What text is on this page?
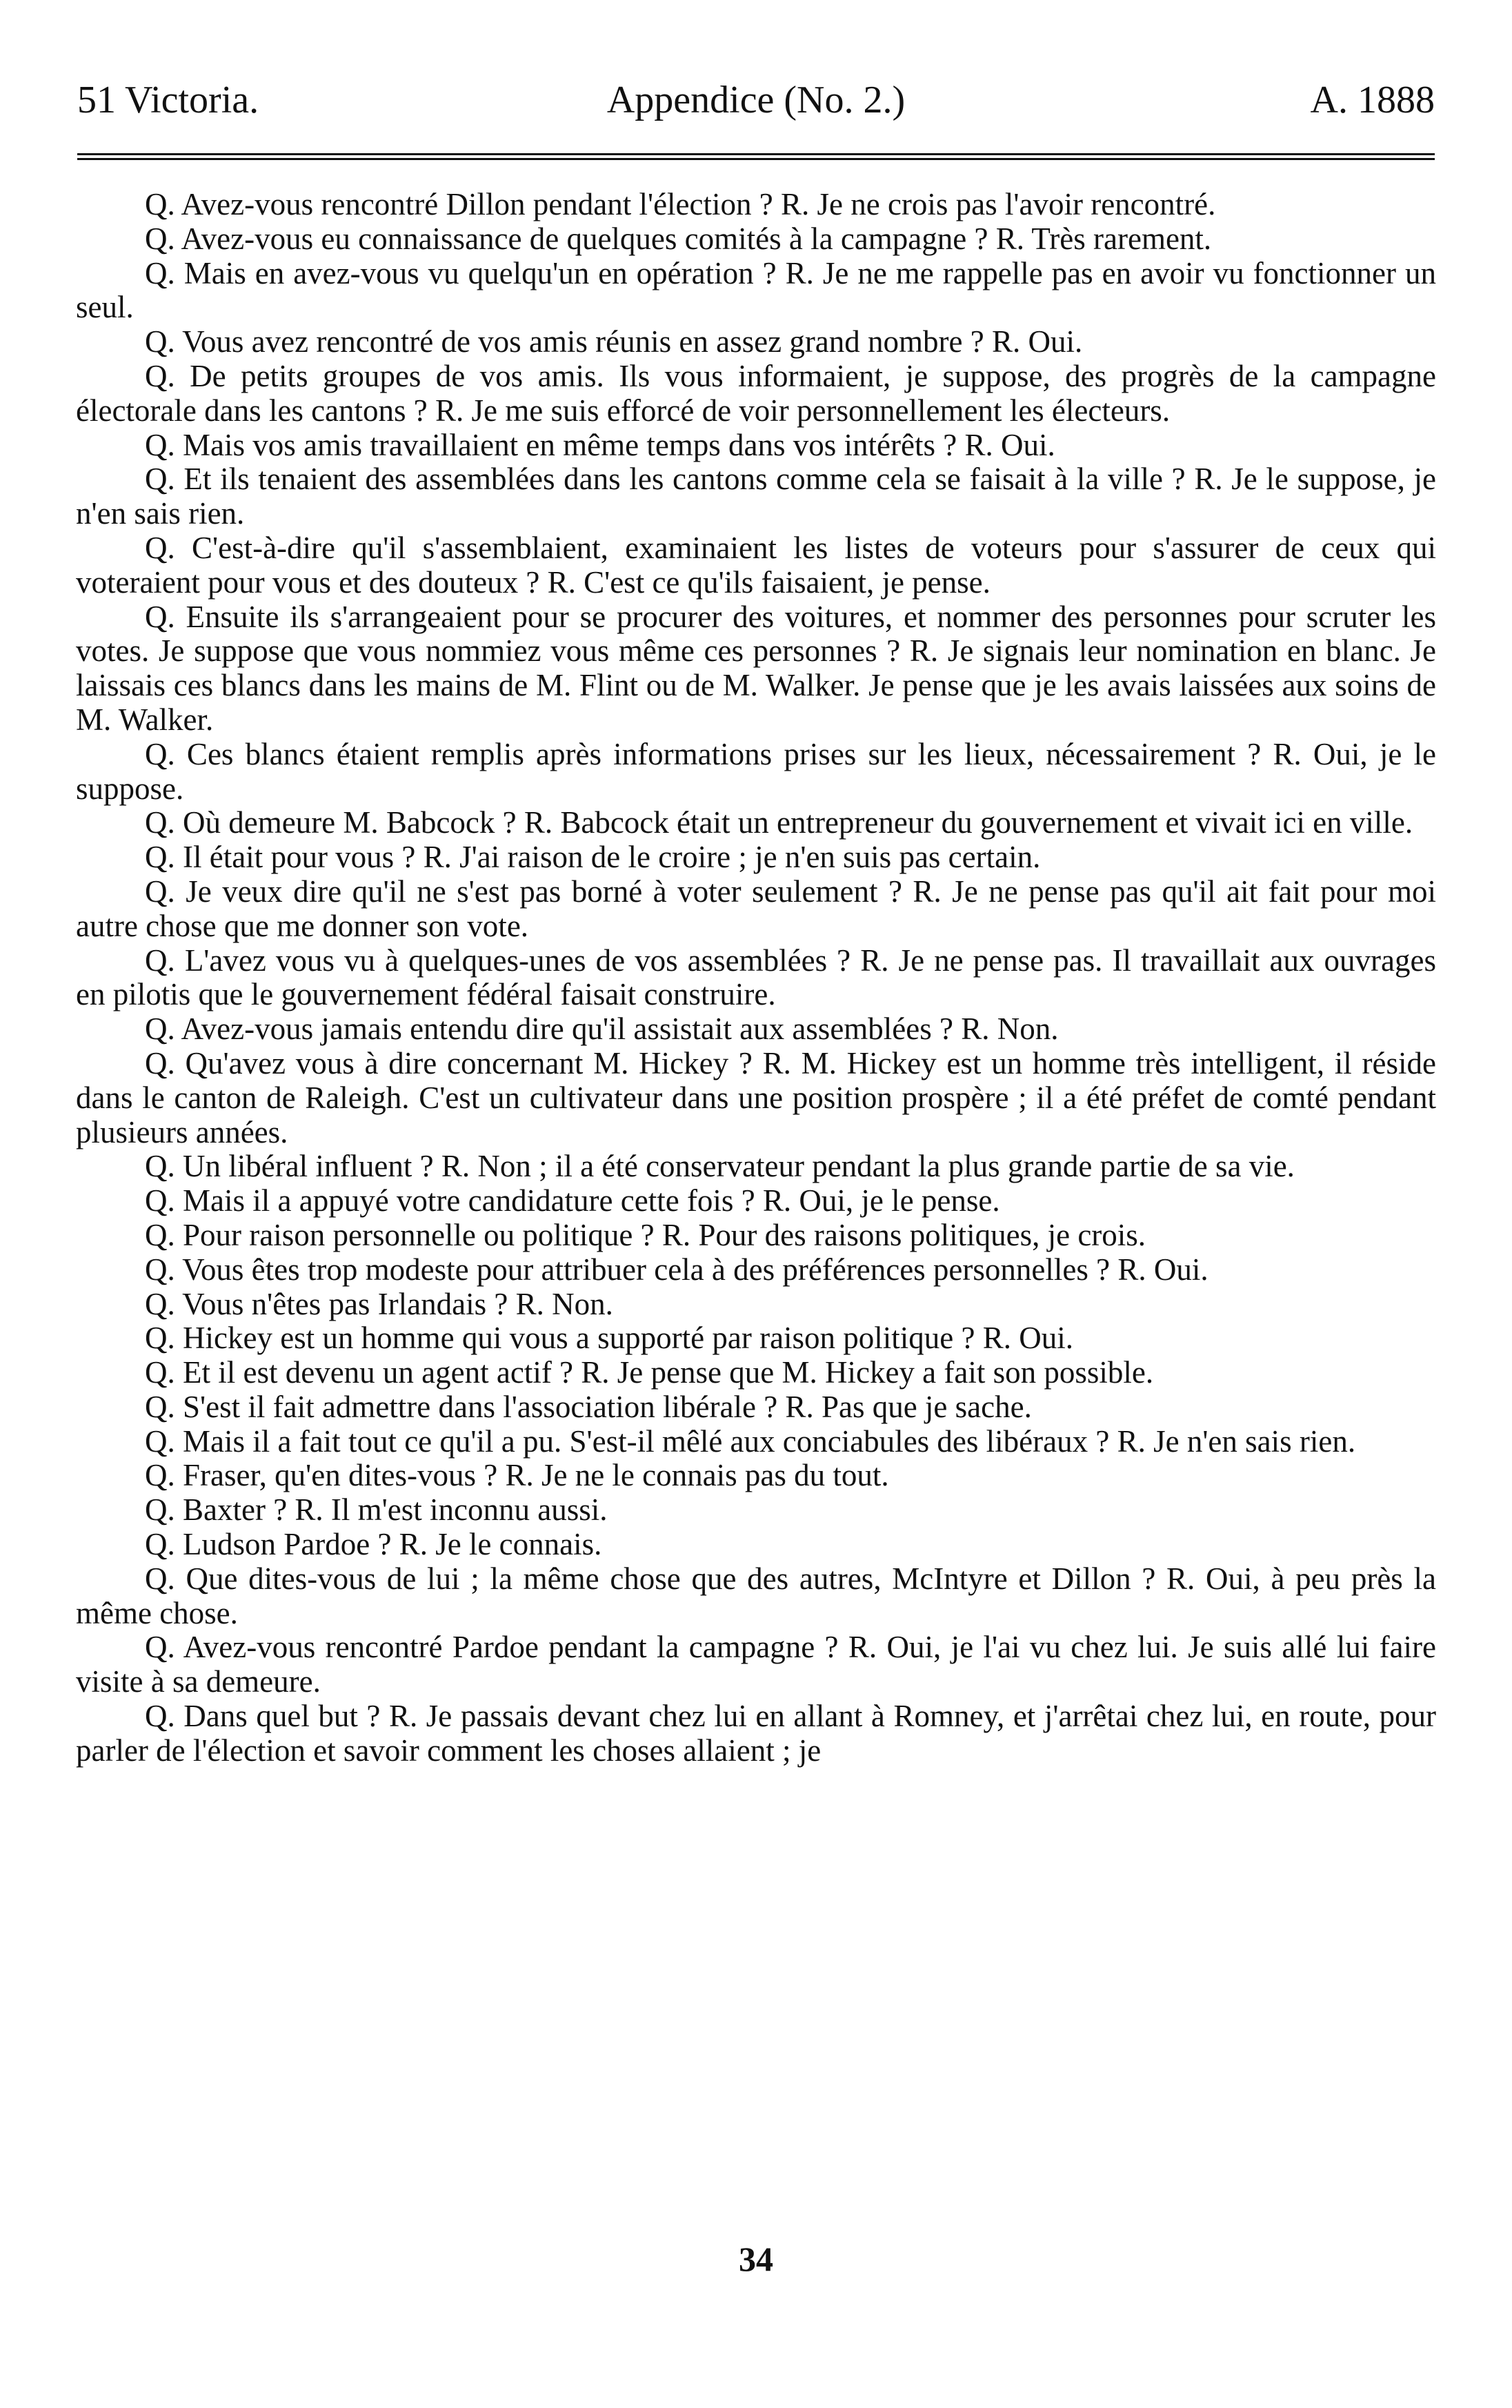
51 Victoria.	Appendice (No. 2.)	A. 1888

Q. Avez-vous rencontré Dillon pendant l'élection ? R. Je ne crois pas l'avoir rencontré.

Q. Avez-vous eu connaissance de quelques comités à la campagne ? R. Très rarement.

Q. Mais en avez-vous vu quelqu'un en opération ? R. Je ne me rappelle pas en avoir vu fonctionner un seul.

Q. Vous avez rencontré de vos amis réunis en assez grand nombre ? R. Oui.

Q. De petits groupes de vos amis. Ils vous informaient, je suppose, des progrès de la campagne électorale dans les cantons ? R. Je me suis efforcé de voir personnellement les électeurs.

Q. Mais vos amis travaillaient en même temps dans vos intérêts ? R. Oui.

Q. Et ils tenaient des assemblées dans les cantons comme cela se faisait à la ville ? R. Je le suppose, je n'en sais rien.

Q. C'est-à-dire qu'il s'assemblaient, examinaient les listes de voteurs pour s'assurer de ceux qui voteraient pour vous et des douteux ? R. C'est ce qu'ils faisaient, je pense.

Q. Ensuite ils s'arrangeaient pour se procurer des voitures, et nommer des personnes pour scruter les votes. Je suppose que vous nommiez vous même ces personnes ? R. Je signais leur nomination en blanc. Je laissais ces blancs dans les mains de M. Flint ou de M. Walker. Je pense que je les avais laissées aux soins de M. Walker.

Q. Ces blancs étaient remplis après informations prises sur les lieux, nécessairement ? R. Oui, je le suppose.

Q. Où demeure M. Babcock ? R. Babcock était un entrepreneur du gouvernement et vivait ici en ville.

Q. Il était pour vous ? R. J'ai raison de le croire ; je n'en suis pas certain.

Q. Je veux dire qu'il ne s'est pas borné à voter seulement ? R. Je ne pense pas qu'il ait fait pour moi autre chose que me donner son vote.

Q. L'avez vous vu à quelques-unes de vos assemblées ? R. Je ne pense pas. Il travaillait aux ouvrages en pilotis que le gouvernement fédéral faisait construire.

Q. Avez-vous jamais entendu dire qu'il assistait aux assemblées ? R. Non.

Q. Qu'avez vous à dire concernant M. Hickey ? R. M. Hickey est un homme très intelligent, il réside dans le canton de Raleigh. C'est un cultivateur dans une position prospère ; il a été préfet de comté pendant plusieurs années.

Q. Un libéral influent ? R. Non ; il a été conservateur pendant la plus grande partie de sa vie.

Q. Mais il a appuyé votre candidature cette fois ? R. Oui, je le pense.

Q. Pour raison personnelle ou politique ? R. Pour des raisons politiques, je crois.

Q. Vous êtes trop modeste pour attribuer cela à des préférences personnelles ? R. Oui.

Q. Vous n'êtes pas Irlandais ? R. Non.

Q. Hickey est un homme qui vous a supporté par raison politique ? R. Oui.

Q. Et il est devenu un agent actif ? R. Je pense que M. Hickey a fait son possible.

Q. S'est il fait admettre dans l'association libérale ? R. Pas que je sache.

Q. Mais il a fait tout ce qu'il a pu. S'est-il mêlé aux conciabules des libéraux ? R. Je n'en sais rien.

Q. Fraser, qu'en dites-vous ? R. Je ne le connais pas du tout.

Q. Baxter ? R. Il m'est inconnu aussi.

Q. Ludson Pardoe ? R. Je le connais.

Q. Que dites-vous de lui ; la même chose que des autres, McIntyre et Dillon ? R. Oui, à peu près la même chose.

Q. Avez-vous rencontré Pardoe pendant la campagne ? R. Oui, je l'ai vu chez lui. Je suis allé lui faire visite à sa demeure.

Q. Dans quel but ? R. Je passais devant chez lui en allant à Romney, et j'arrêtai chez lui, en route, pour parler de l'élection et savoir comment les choses allaient ; je

34
